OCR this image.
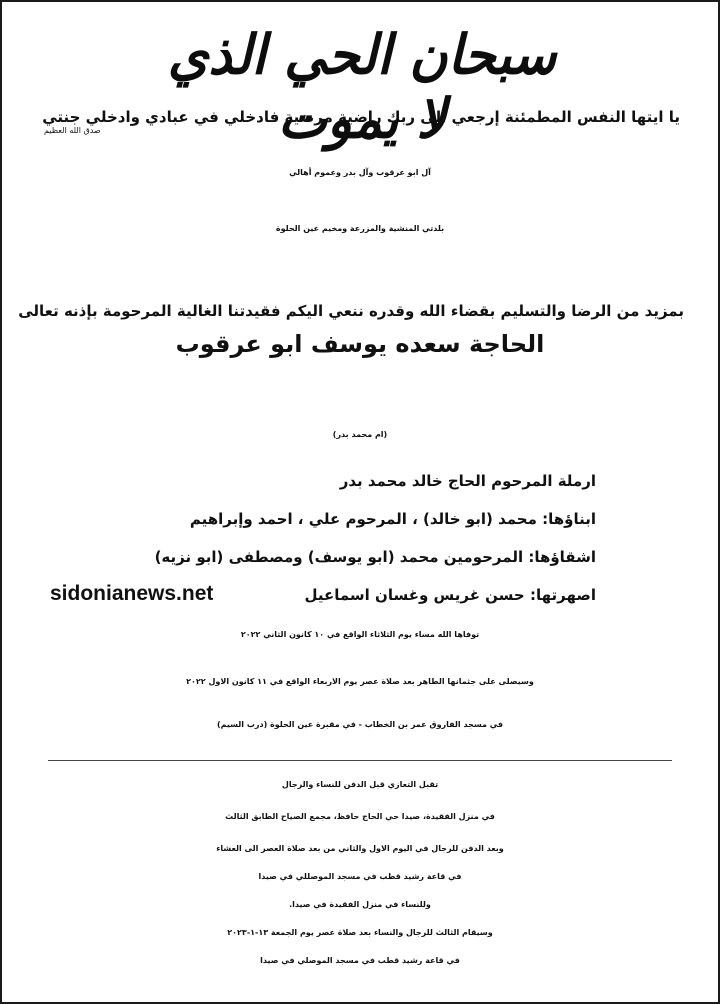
سبحان الحي الذي لا يموت
يا ايتها النفس المطمئنة إرجعي الى ربك راضية مرضية فادخلي في عبادي وادخلي جنتي
صدق الله العظيم
آل ابو عرقوب وآل بدر وعموم أهالي
بلدتي المنشية والمزرعة ومخيم عين الحلوة
بمزيد من الرضا والتسليم بقضاء الله وقدره ننعي اليكم فقيدتنا الغالية المرحومة بإذنه تعالى
الحاجة سعده يوسف ابو عرقوب
(ام محمد بدر)
ارملة المرحوم الحاج خالد محمد بدر
ابناؤها: محمد (ابو خالد) ، المرحوم علي ، احمد وإبراهيم
اشقاؤها: المرحومين محمد (ابو يوسف) ومصطفى (ابو نزيه)
اصهرتها: حسن غريس وغسان اسماعيل
sidonianews.net
توفاها الله مساء يوم الثلاثاء الواقع في ١٠ كانون الثاني ٢٠٢٢
وسيصلى على جثمانها الطاهر بعد صلاة عصر يوم الاربعاء الواقع في ١١ كانون الاول ٢٠٢٢
في مسجد الفاروق عمر بن الخطاب - في مقبرة عين الحلوة (درب السيم)
تقبل التعازي قبل الدفن للنساء والرجال
في منزل الفقيدة، صيدا حي الحاج حافظ، مجمع الصياح الطابق الثالث
وبعد الدفن للرجال في اليوم الاول والثاني من بعد صلاة العصر الى العشاء
في قاعة رشيد قطب في مسجد الموصللي في صيدا
وللنساء في منزل الفقيدة في صيدا.
وسيقام الثالث للرجال والنساء بعد صلاة عصر يوم الجمعة ١٣-١-٢٠٢٣
في قاعة رشيد قطب في مسجد الموصلي في صيدا
